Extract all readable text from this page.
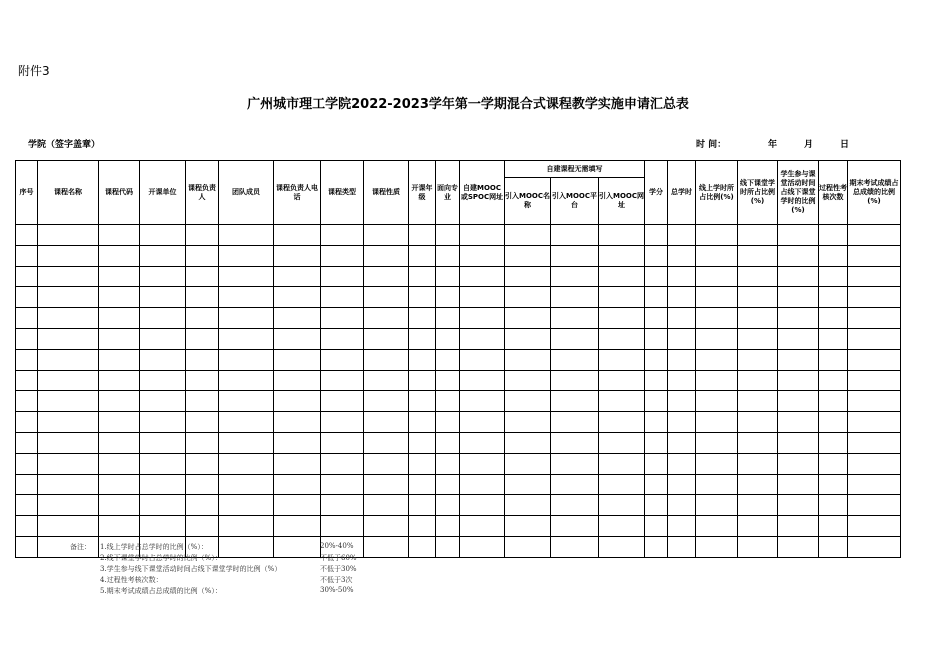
附件3
广州城市理工学院2022-2023学年第一学期混合式课程教学实施申请汇总表
学院（签字盖章）	时 间：	年	月	日
序号	课程名称	课程代码	开课单位	课程负责人	团队成员	课程负责人电话	课程类型	课程性质	开课年级	面向专业	自建MOOC或SPOC网址	自建课程无需填写			学分	总学时	线上学时所占比例(%)	线下课堂学时所占比例(%)	学生参与课堂活动时间占线下课堂学时的比例(%)	过程性考核次数	期末考试成绩占总成绩的比例(%)
												引入MOOC名称	引入MOOC平台	引入MOOC网址							

备注： 1.线上学时占总学时的比例（%）：	20%-40%
2.线下课堂学时占总学时的比例（%）：	不低于60%
3.学生参与线下课堂活动时间占线下课堂学时的比例（%）	不低于30%
4.过程性考核次数：	不低于3次
5.期末考试成绩占总成绩的比例（%）：	30%-50%
